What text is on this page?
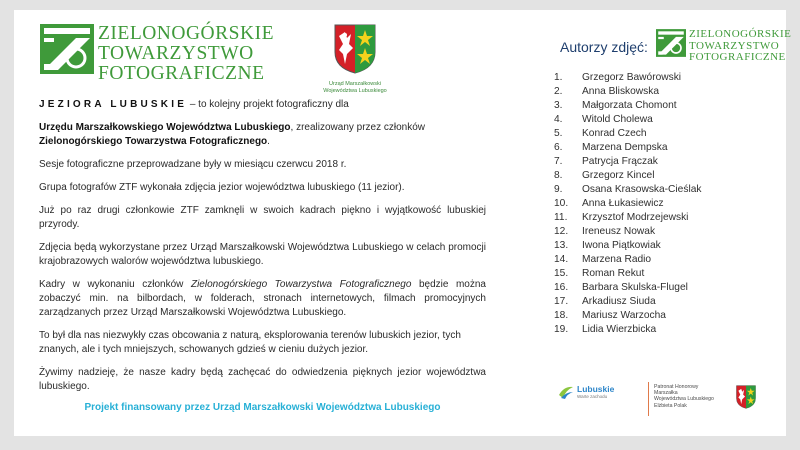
ZIELONOGÓRSKIE
TOWARZYSTWO
FOTOGRAFICZNE	Urząd Marszałkowski
Województwa Lubuskiego

JEZIORA LUBUSKIE – to kolejny projekt fotograficzny dla

Urzędu Marszałkowskiego Województwa Lubuskiego, zrealizowany przez członków
Zielonogórskiego Towarzystwa Fotograficznego.

Sesje fotograficzne przeprowadzane były w miesiącu czerwcu 2018 r.

Grupa fotografów ZTF wykonała zdjęcia jezior województwa lubuskiego (11 jezior).

Już po raz drugi członkowie ZTF zamknęli w swoich kadrach piękno i wyjątkowość lubuskiej przyrody.

Zdjęcia będą wykorzystane przez Urząd Marszałkowski Województwa Lubuskiego w celach promocji krajobrazowych walorów województwa lubuskiego.

Kadry w wykonaniu członków Zielonogórskiego Towarzystwa Fotograficznego będzie można zobaczyć min. na bilbordach, w folderach, stronach internetowych, filmach promocyjnych zarządzanych przez Urząd Marszałkowski Województwa Lubuskiego.

To był dla nas niezwykły czas obcowania z naturą, eksplorowania terenów lubuskich jezior, tych znanych, ale i tych mniejszych, schowanych gdzieś w cieniu dużych jezior.

Żywimy nadzieję, że nasze kadry będą zachęcać do odwiedzenia pięknych jezior województwa lubuskiego.

Projekt finansowany przez Urząd Marszałkowski Województwa Lubuskiego
Autorzy zdjęć:
ZIELONOGÓRSKIE
TOWARZYSTWO
FOTOGRAFICZNE
1.	Grzegorz Bawórowski
2.	Anna Bliskowska
3.	Małgorzata Chomont
4.	Witold Cholewa
5.	Konrad Czech
6.	Marzena Dempska
7.	Patrycja Frączak
8.	Grzegorz Kincel
9.	Osana Krasowska-Cieślak
10.	Anna Łukasiewicz
11.	Krzysztof Modrzejewski
12.	Ireneusz Nowak
13.	Iwona Piątkowiak
14.	Marzena Radio
15.	Roman Rekut
16.	Barbara Skulska-Flugel
17.	Arkadiusz Siuda
18.	Mariusz Warzocha
19.	Lidia Wierzbicka
Lubuskie
Warte zachodu
Patronat Honorowy
Marszałka
Województwa Lubuskiego
Elżbieta Polak
